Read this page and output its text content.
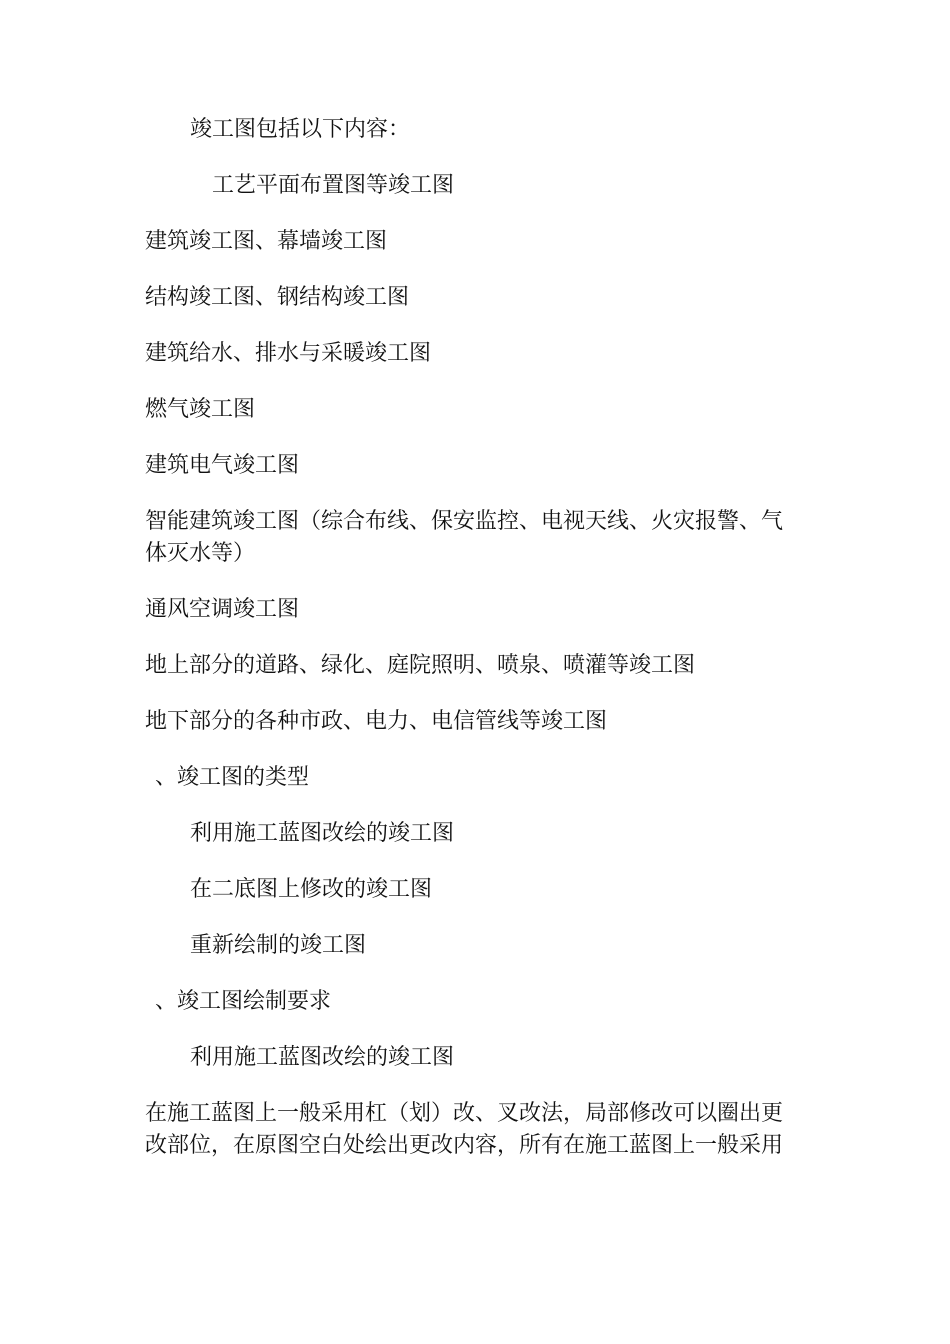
竣工图包括以下内容：

工艺平面布置图等竣工图

建筑竣工图、幕墙竣工图

结构竣工图、钢结构竣工图

建筑给水、排水与采暖竣工图

燃气竣工图

建筑电气竣工图

智能建筑竣工图（综合布线、保安监控、电视天线、火灾报警、气体灭水等）

通风空调竣工图

地上部分的道路、绿化、庭院照明、喷泉、喷灌等竣工图

地下部分的各种市政、电力、电信管线等竣工图

、竣工图的类型

利用施工蓝图改绘的竣工图

在二底图上修改的竣工图

重新绘制的竣工图

、竣工图绘制要求

利用施工蓝图改绘的竣工图

在施工蓝图上一般采用杠（划）改、叉改法，局部修改可以圈出更改部位，在原图空白处绘出更改内容，所有在施工蓝图上一般采用
